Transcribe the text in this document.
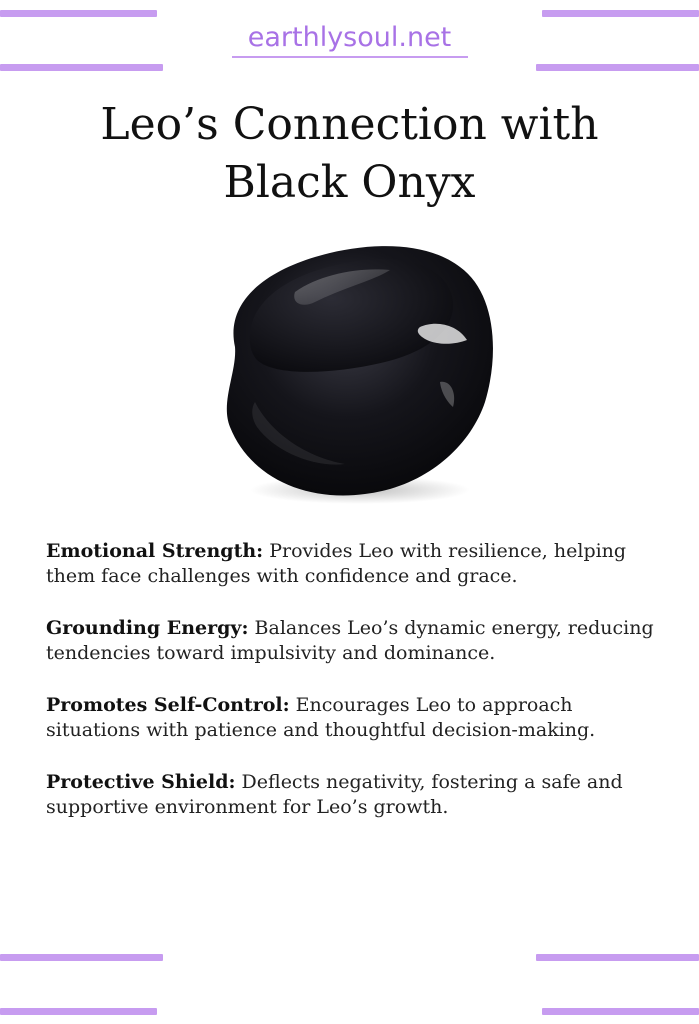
earthlysoul.net
Leo’s Connection with
Black Onyx

Emotional Strength: Provides Leo with resilience, helping them face challenges with confidence and grace.

Grounding Energy: Balances Leo’s dynamic energy, reducing tendencies toward impulsivity and dominance.

Promotes Self-Control: Encourages Leo to approach situations with patience and thoughtful decision-making.

Protective Shield: Deflects negativity, fostering a safe and supportive environment for Leo’s growth.
